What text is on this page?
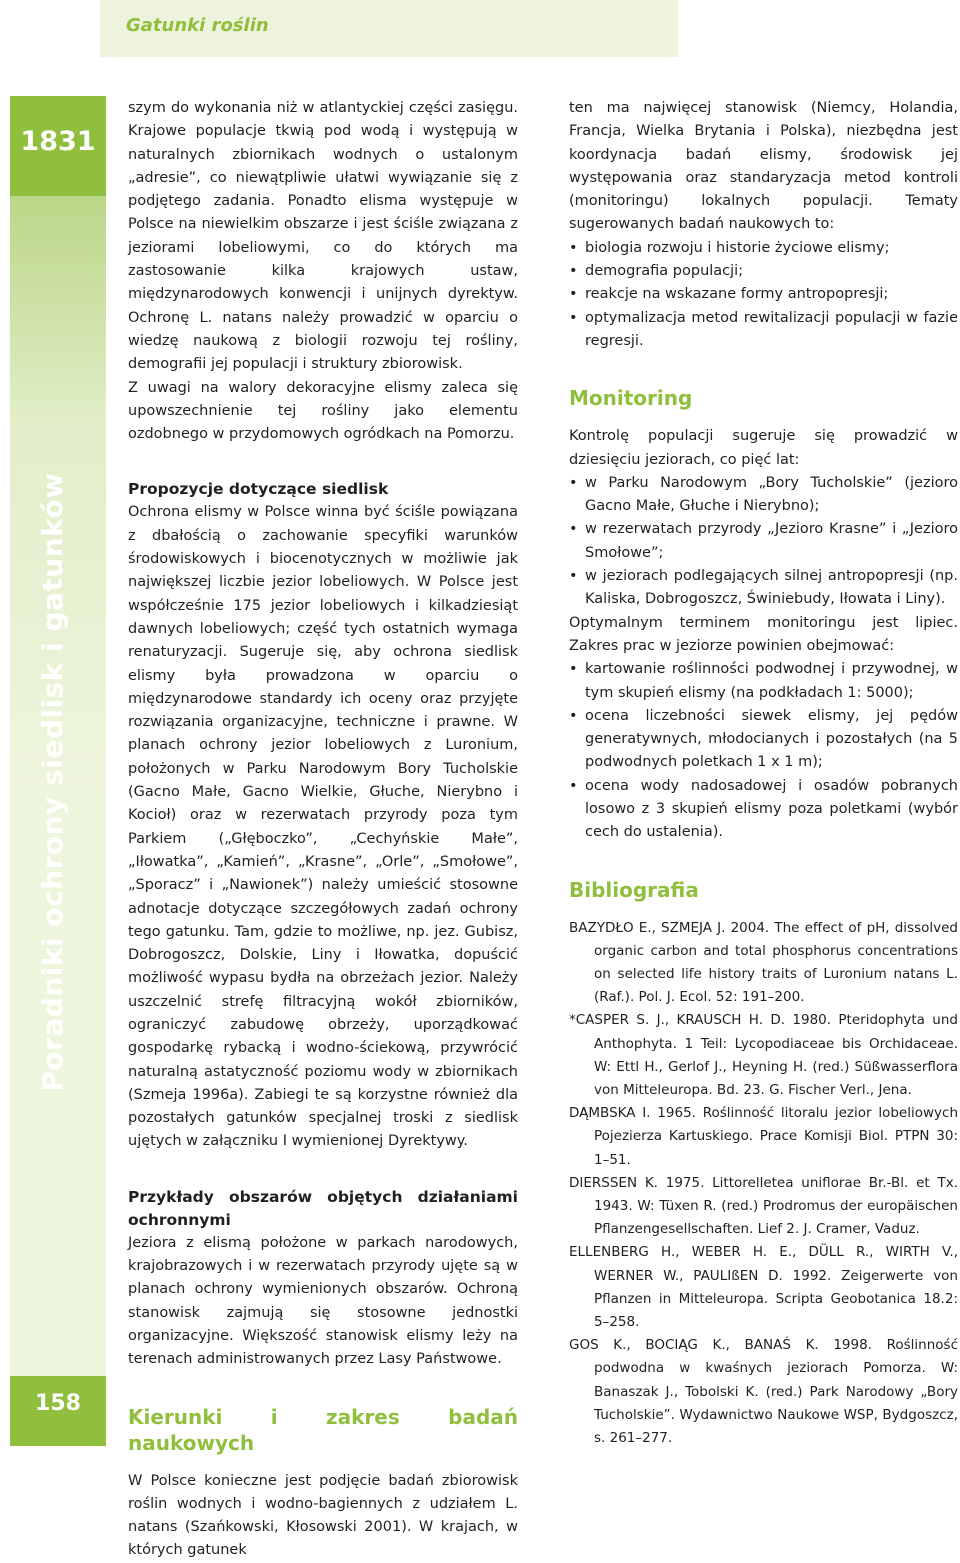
Gatunki roślin
1831
Poradniki ochrony siedlisk i gatunków
158

szym do wykonania niż w atlantyckiej części zasięgu. Krajowe populacje tkwią pod wodą i występują w naturalnych zbiornikach wodnych o ustalonym „adresie”, co niewątpliwie ułatwi wywiązanie się z podjętego zadania. Ponadto elisma występuje w Polsce na niewielkim obszarze i jest ściśle związana z jeziorami lobeliowymi, co do których ma zastosowanie kilka krajowych ustaw, międzynarodowych konwencji i unijnych dyrektyw. Ochronę L. natans należy prowadzić w oparciu o wiedzę naukową z biologii rozwoju tej rośliny, demografii jej populacji i struktury zbiorowisk.

Z uwagi na walory dekoracyjne elismy zaleca się upowszechnienie tej rośliny jako elementu ozdobnego w przydomowych ogródkach na Pomorzu.

Propozycje dotyczące siedlisk

Ochrona elismy w Polsce winna być ściśle powiązana z dbałością o zachowanie specyfiki warunków środowiskowych i biocenotycznych w możliwie jak największej liczbie jezior lobeliowych. W Polsce jest współcześnie 175 jezior lobeliowych i kilkadziesiąt dawnych lobeliowych; część tych ostatnich wymaga renaturyzacji. Sugeruje się, aby ochrona siedlisk elismy była prowadzona w oparciu o międzynarodowe standardy ich oceny oraz przyjęte rozwiązania organizacyjne, techniczne i prawne. W planach ochrony jezior lobeliowych z Luronium, położonych w Parku Narodowym Bory Tucholskie (Gacno Małe, Gacno Wielkie, Głuche, Nierybno i Kocioł) oraz w rezerwatach przyrody poza tym Parkiem („Głęboczko”, „Cechyńskie Małe”, „Iłowatka”, „Kamień”, „Krasne”, „Orle”, „Smołowe”, „Sporacz” i „Nawionek”) należy umieścić stosowne adnotacje dotyczące szczegółowych zadań ochrony tego gatunku. Tam, gdzie to możliwe, np. jez. Gubisz, Dobrogoszcz, Dolskie, Liny i Iłowatka, dopuścić możliwość wypasu bydła na obrzeżach jezior. Należy uszczelnić strefę filtracyjną wokół zbiorników, ograniczyć zabudowę obrzeży, uporządkować gospodarkę rybacką i wodno-ściekową, przywrócić naturalną astatyczność poziomu wody w zbiornikach (Szmeja 1996a). Zabiegi te są korzystne również dla pozostałych gatunków specjalnej troski z siedlisk ujętych w załączniku I wymienionej Dyrektywy.

Przykłady obszarów objętych działaniami ochronnymi

Jeziora z elismą położone w parkach narodowych, krajobrazowych i w rezerwatach przyrody ujęte są w planach ochrony wymienionych obszarów. Ochroną stanowisk zajmują się stosowne jednostki organizacyjne. Większość stanowisk elismy leży na terenach administrowanych przez Lasy Państwowe.

Kierunki i zakres badań naukowych

W Polsce konieczne jest podjęcie badań zbiorowisk roślin wodnych i wodno-bagiennych z udziałem L. natans (Szańkowski, Kłosowski 2001). W krajach, w których gatunek

ten ma najwięcej stanowisk (Niemcy, Holandia, Francja, Wielka Brytania i Polska), niezbędna jest koordynacja badań elismy, środowisk jej występowania oraz standaryzacja metod kontroli (monitoringu) lokalnych populacji. Tematy sugerowanych badań naukowych to:

• biologia rozwoju i historie życiowe elismy;
• demografia populacji;
• reakcje na wskazane formy antropopresji;
• optymalizacja metod rewitalizacji populacji w fazie regresji.

Monitoring

Kontrolę populacji sugeruje się prowadzić w dziesięciu jeziorach, co pięć lat:

• w Parku Narodowym „Bory Tucholskie” (jezioro Gacno Małe, Głuche i Nierybno);
• w rezerwatach przyrody „Jezioro Krasne” i „Jezioro Smołowe”;
• w jeziorach podlegających silnej antropopresji (np. Kaliska, Dobrogoszcz, Świniebudy, Iłowata i Liny).

Optymalnym terminem monitoringu jest lipiec. Zakres prac w jeziorze powinien obejmować:

• kartowanie roślinności podwodnej i przywodnej, w tym skupień elismy (na podkładach 1: 5000);
• ocena liczebności siewek elismy, jej pędów generatywnych, młodocianych i pozostałych (na 5 podwodnych poletkach 1 x 1 m);
• ocena wody nadosadowej i osadów pobranych losowo z 3 skupień elismy poza poletkami (wybór cech do ustalenia).

Bibliografia

BAZYDŁO E., SZMEJA J. 2004. The effect of pH, dissolved organic carbon and total phosphorus concentrations on selected life history traits of Luronium natans L. (Raf.). Pol. J. Ecol. 52: 191–200.

*CASPER S. J., KRAUSCH H. D. 1980. Pteridophyta und Anthophyta. 1 Teil: Lycopodiaceae bis Orchidaceae. W: Ettl H., Gerlof J., Heyning H. (red.) Süßwasserflora von Mitteleuropa. Bd. 23. G. Fischer Verl., Jena.

DĄMBSKA I. 1965. Roślinność litoralu jezior lobeliowych Pojezierza Kartuskiego. Prace Komisji Biol. PTPN 30: 1–51.

DIERSSEN K. 1975. Littorelletea uniflorae Br.-Bl. et Tx. 1943. W: Tüxen R. (red.) Prodromus der europäischen Pflanzengesellschaften. Lief 2. J. Cramer, Vaduz.

ELLENBERG H., WEBER H. E., DÜLL R., WIRTH V., WERNER W., PAULIßEN D. 1992. Zeigerwerte von Pflanzen in Mitteleuropa. Scripta Geobotanica 18.2: 5–258.

GOS K., BOCIĄG K., BANAŚ K. 1998. Roślinność podwodna w kwaśnych jeziorach Pomorza. W: Banaszak J., Tobolski K. (red.) Park Narodowy „Bory Tucholskie”. Wydawnictwo Naukowe WSP, Bydgoszcz, s. 261–277.
